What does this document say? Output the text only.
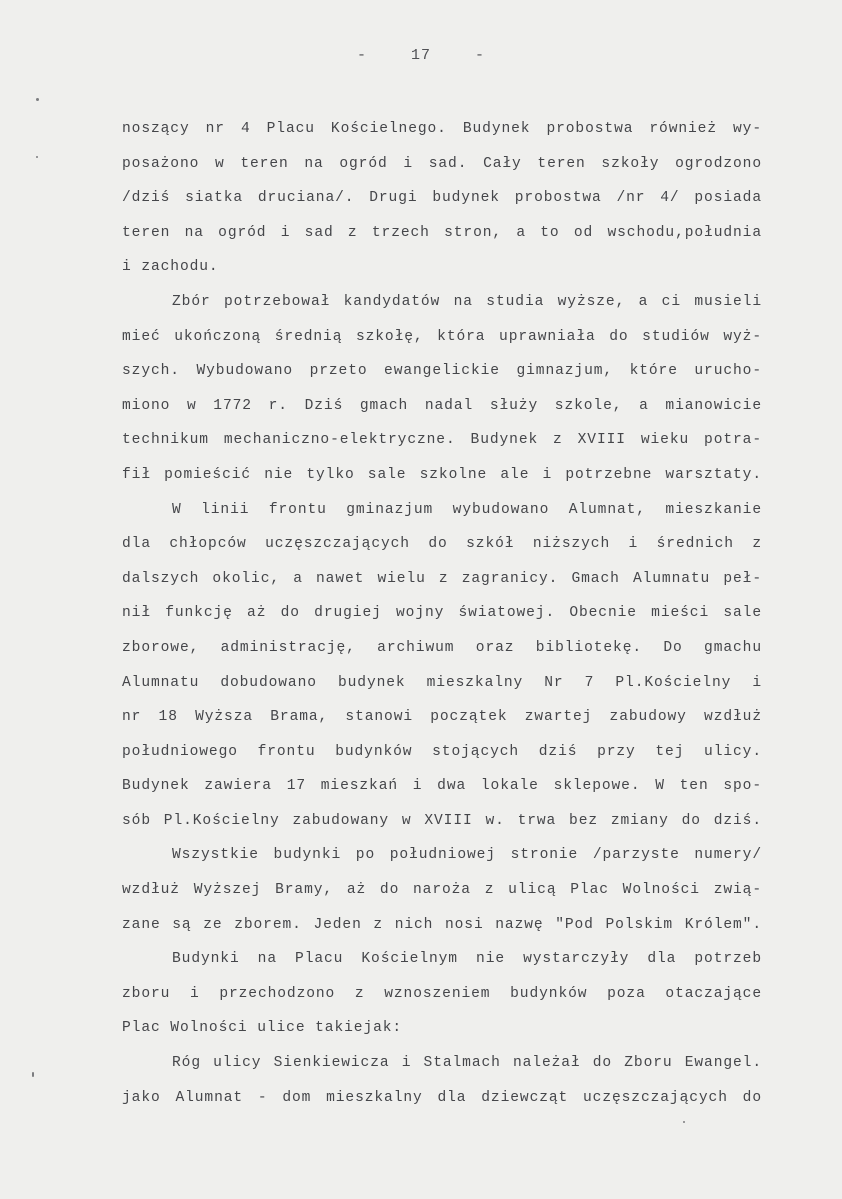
-	17	-
noszący nr 4 Placu Kościelnego. Budynek probostwa również wy-
posażono w teren na ogród i sad. Cały teren szkoły ogrodzono
/dziś siatka druciana/. Drugi budynek probostwa /nr 4/ posiada
teren na ogród i sad z trzech stron, a to od wschodu,południa
i zachodu.
Zbór potrzebował kandydatów na studia wyższe, a ci musieli
mieć ukończoną średnią szkołę, która uprawniała do studiów wyż-
szych. Wybudowano przeto ewangelickie gimnazjum, które urucho-
miono w 1772 r. Dziś gmach nadal służy szkole, a mianowicie
technikum mechaniczno-elektryczne. Budynek z XVIII wieku potra-
fił pomieścić nie tylko sale szkolne ale i potrzebne warsztaty.
W linii frontu gminazjum wybudowano Alumnat, mieszkanie
dla chłopców uczęszczających do szkół niższych i średnich z
dalszych okolic, a nawet wielu z zagranicy. Gmach Alumnatu peł-
nił funkcję aż do drugiej wojny światowej. Obecnie mieści sale
zborowe, administrację, archiwum oraz bibliotekę. Do gmachu
Alumnatu dobudowano budynek mieszkalny Nr 7 Pl.Kościelny i
nr 18 Wyższa Brama, stanowi początek zwartej zabudowy wzdłuż
południowego frontu budynków stojących dziś przy tej ulicy.
Budynek zawiera 17 mieszkań i dwa lokale sklepowe. W ten spo-
sób Pl.Kościelny zabudowany w XVIII w. trwa bez zmiany do dziś.
Wszystkie budynki po południowej stronie /parzyste numery/
wzdłuż Wyższej Bramy, aż do naroża z ulicą Plac Wolności zwią-
zane są ze zborem. Jeden z nich nosi nazwę "Pod Polskim Królem".
Budynki na Placu Kościelnym nie wystarczyły dla potrzeb
zboru i przechodzono z wznoszeniem budynków poza otaczające
Plac Wolności ulice takiejak:
Róg ulicy Sienkiewicza i Stalmach należał do Zboru Ewangel.
jako Alumnat - dom mieszkalny dla dziewcząt uczęszczających do
